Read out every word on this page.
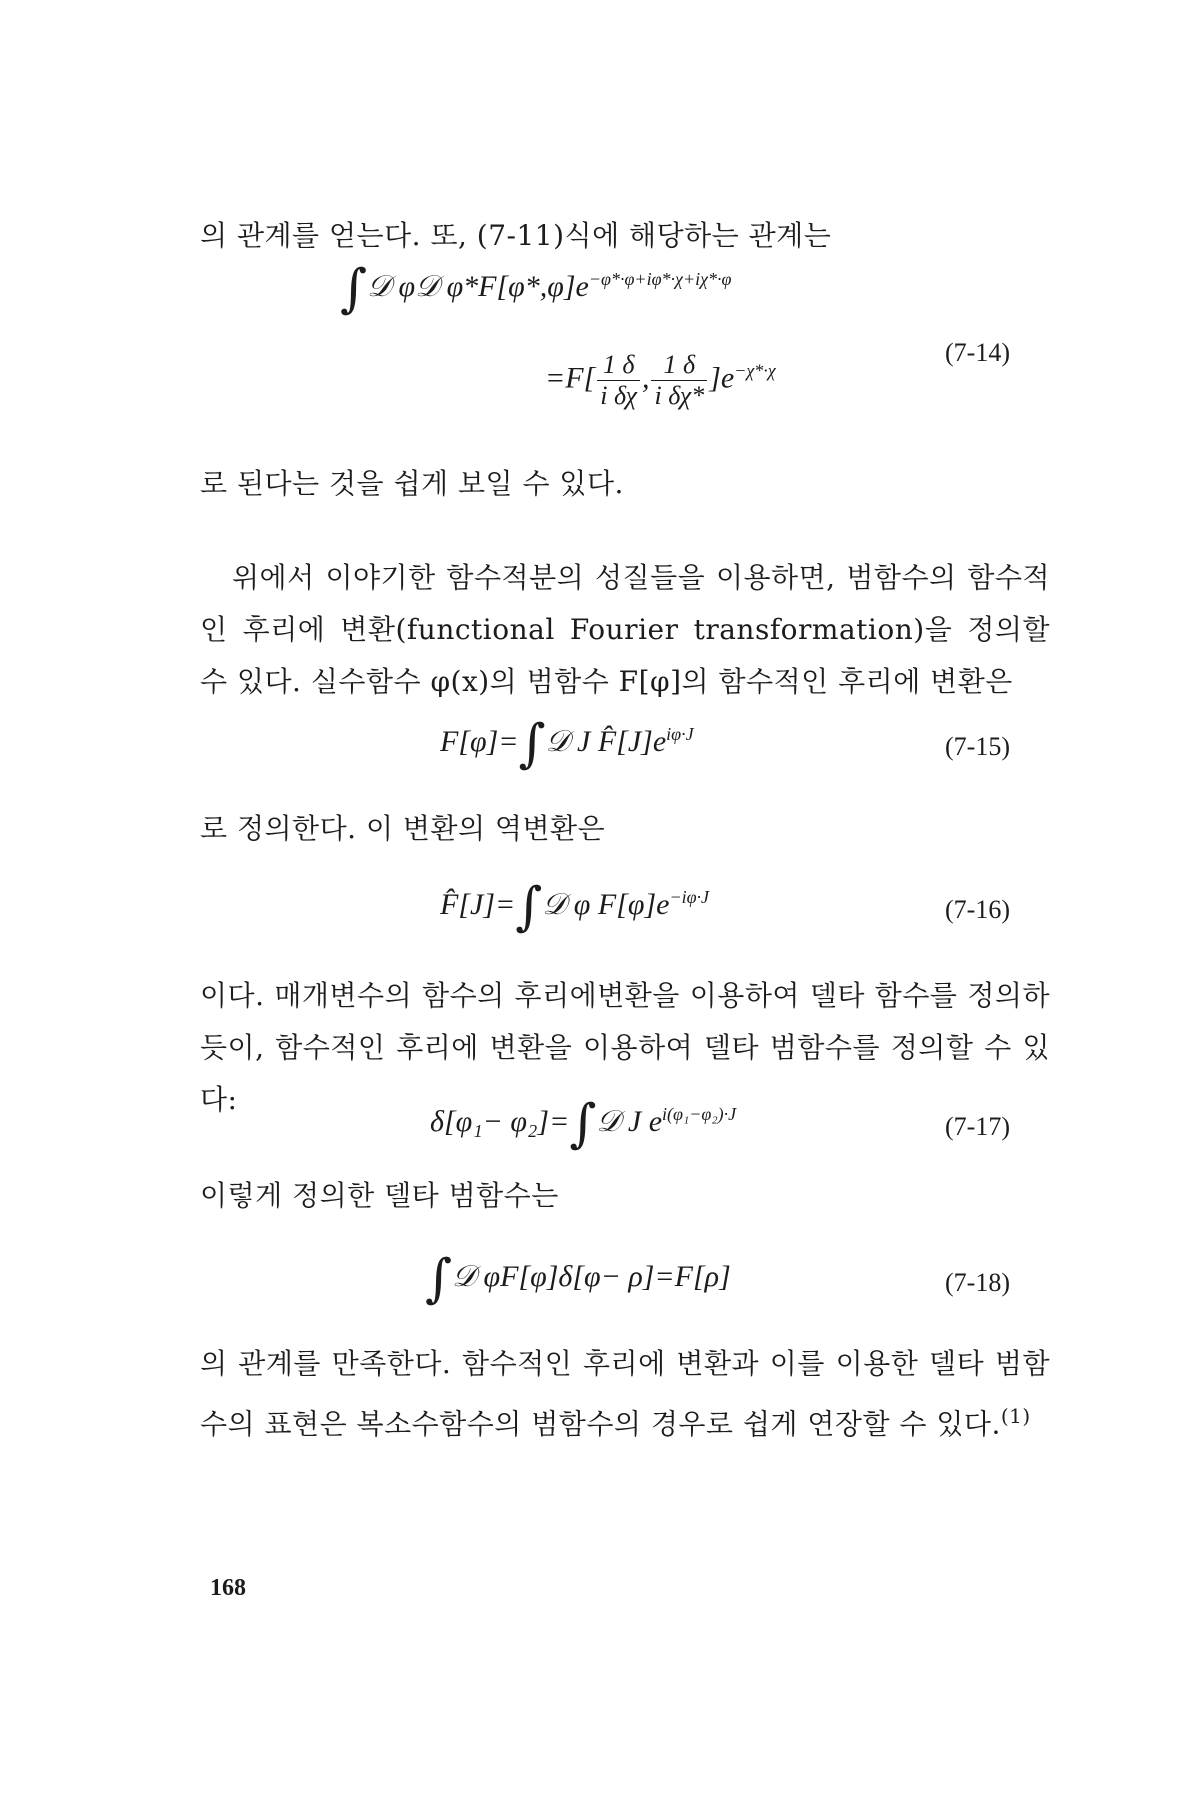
의 관계를 얻는다. 또, (7-11)식에 해당하는 관계는
∫𝒟 φ𝒟 $\varphi*F[\varphi*,\varphi]e^{-\varphi*\cdot\varphi+i\varphi*\cdot\chi+i\chi*\cdot\varphi}$
(7-14)
$=F[ \frac{1 \delta}{\text{i δχ}}$ , $\frac{1 \delta}{\text{i δχ*}} ]e^{-\chi*\cdot\chi}$
로 된다는 것을 쉽게 보일 수 있다.
위에서 이야기한 함수적분의 성질들을 이용하면, 범함수의 함수적인 후리에 변환(functional Fourier transformation)을 정의할 수 있다. 실수함수 φ(x)의 범함수 F[φ]의 함수적인 후리에 변환은
F[φ]=∫𝒟 J $F̂[J]e^{i\varphi\cdot J}$	(7-15)
로 정의한다. 이 변환의 역변환은
F̂[J]=∫𝒟 φ $F[\varphi]e^{-i\varphi\cdot J}$	(7-16)
이다. 매개변수의 함수의 후리에변환을 이용하여 델타 함수를 정의하듯이, 함수적인 후리에 변환을 이용하여 델타 범함수를 정의할 수 있다:
δ[φ₁− φ₂]=∫𝒟 J $e^{i(\varphi_1-\varphi_2)\cdot J}$	(7-17)
이렇게 정의한 델타 범함수는
∫𝒟 φF[φ]δ[φ− ρ]=F[ρ]	(7-18)
의 관계를 만족한다. 함수적인 후리에 변환과 이를 이용한 델타 범함수의 표현은 복소수함수의 범함수의 경우로 쉽게 연장할 수 있다.$^{(1)}$
168
